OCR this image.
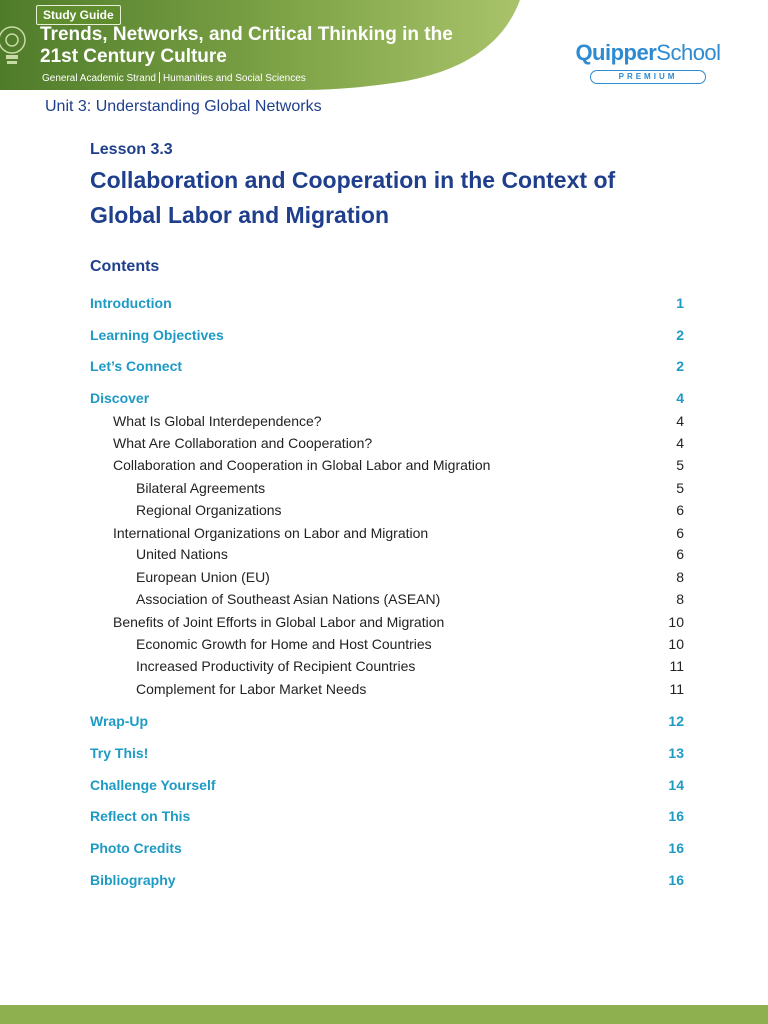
Study Guide
Trends, Networks, and Critical Thinking in the 21st Century Culture
General Academic Strand Humanities and Social Sciences
QuipperSchool
PREMIUM
Unit 3: Understanding Global Networks
Lesson 3.3
Collaboration and Cooperation in the Context of Global Labor and Migration
Contents
Introduction	1
Learning Objectives	2
Let’s Connect	2
Discover	4
What Is Global Interdependence?	4
What Are Collaboration and Cooperation?	4
Collaboration and Cooperation in Global Labor and Migration	5
Bilateral Agreements	5
Regional Organizations	6
International Organizations on Labor and Migration	6
United Nations	6
European Union (EU)	8
Association of Southeast Asian Nations (ASEAN)	8
Benefits of Joint Efforts in Global Labor and Migration	10
Economic Growth for Home and Host Countries	10
Increased Productivity of Recipient Countries	11
Complement for Labor Market Needs	11
Wrap-Up	12
Try This!	13
Challenge Yourself	14
Reflect on This	16
Photo Credits	16
Bibliography	16
